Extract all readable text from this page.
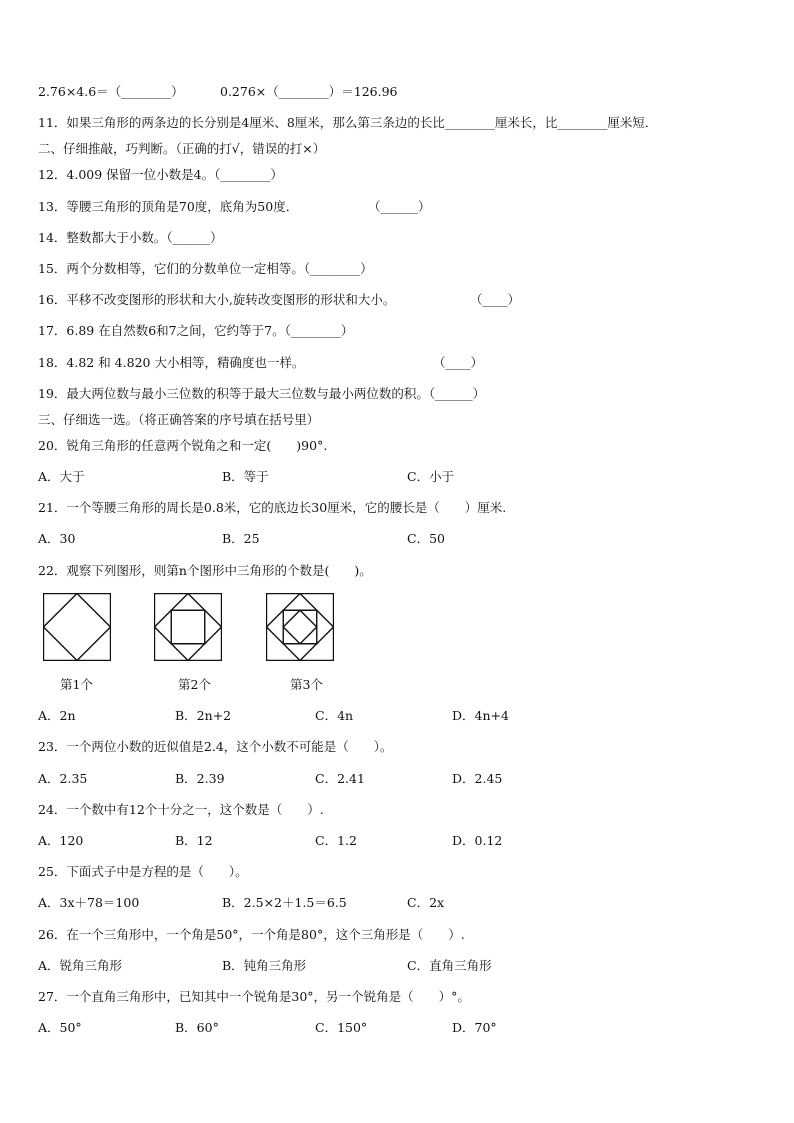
2.76×4.6＝（________）	0.276×（________）＝126.96
11．如果三角形的两条边的长分别是4厘米、8厘米，那么第三条边的长比________厘米长，比________厘米短．
二、仔细推敲，巧判断。（正确的打√，错误的打×）
12．4.009 保留一位小数是4。（________）
13．等腰三角形的顶角是70度，底角为50度．	（______）
14．整数都大于小数。（______）
15．两个分数相等，它们的分数单位一定相等。（________）
16．平移不改变图形的形状和大小,旋转改变图形的形状和大小。	（____）
17．6.89 在自然数6和7之间，它约等于7。（________）
18．4.82 和 4.820 大小相等，精确度也一样。	（____）
19．最大两位数与最小三位数的积等于最大三位数与最小两位数的积。（______）
三、仔细选一选。（将正确答案的序号填在括号里）
20．锐角三角形的任意两个锐角之和一定(　　)90°.
A．大于	B．等于	C．小于
21．一个等腰三角形的周长是0.8米，它的底边长30厘米，它的腰长是（　　）厘米.
A．30	B．25	C．50
22．观察下列图形，则第n个图形中三角形的个数是(　　)。
第1个	第2个	第3个
A．2n	B．2n+2	C．4n	D．4n+4
23．一个两位小数的近似值是2.4，这个小数不可能是（　　）。
A．2.35	B．2.39	C．2.41	D．2.45
24．一个数中有12个十分之一，这个数是（　　）.
A．120	B．12	C．1.2	D．0.12
25．下面式子中是方程的是（　　）。
A．3x＋78＝100	B．2.5×2＋1.5＝6.5	C．2x
26．在一个三角形中，一个角是50°，一个角是80°，这个三角形是（　　）.
A．锐角三角形	B．钝角三角形	C．直角三角形
27．一个直角三角形中，已知其中一个锐角是30°，另一个锐角是（　　）°。
A．50°	B．60°	C．150°	D．70°
